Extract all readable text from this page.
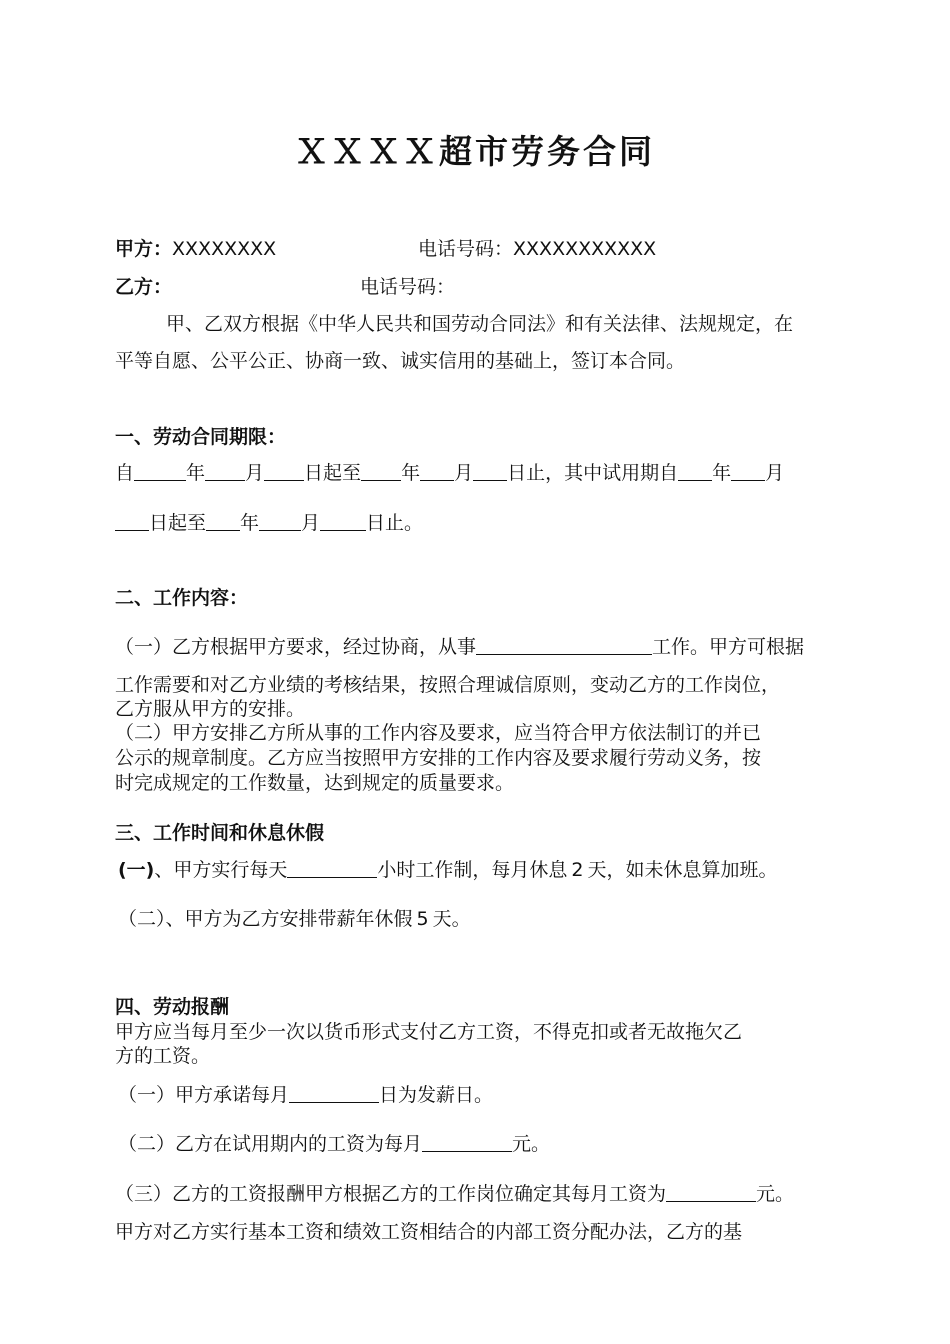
ＸＸＸＸ超市劳务合同
甲方：XXXXXXXX	电话号码：XXXXXXXXXXX
乙方：	电话号码：
甲、乙双方根据《中华人民共和国劳动合同法》和有关法律、法规规定，在
平等自愿、公平公正、协商一致、诚实信用的基础上，签订本合同。
一、劳动合同期限：
自	年 月 日起至 年 月 日止，其中试用期自 年 月
日起至 年 月 日止。
二、工作内容：
（一）乙方根据甲方要求，经过协商，从事	工作。甲方可根据
工作需要和对乙方业绩的考核结果，按照合理诚信原则，变动乙方的工作岗位，
乙方服从甲方的安排。
（二）甲方安排乙方所从事的工作内容及要求，应当符合甲方依法制订的并已
公示的规章制度。乙方应当按照甲方安排的工作内容及要求履行劳动义务，按
时完成规定的工作数量，达到规定的质量要求。
三、工作时间和休息休假
(一)、甲方实行每天	小时工作制，每月休息 2 天，如未休息算加班。
（二）、甲方为乙方安排带薪年休假 5 天。
四、劳动报酬
甲方应当每月至少一次以货币形式支付乙方工资，不得克扣或者无故拖欠乙
方的工资。
（一）甲方承诺每月	日为发薪日。
（二）乙方在试用期内的工资为每月	元。
（三）乙方的工资报酬甲方根据乙方的工作岗位确定其每月工资为	元。
甲方对乙方实行基本工资和绩效工资相结合的内部工资分配办法，乙方的基
